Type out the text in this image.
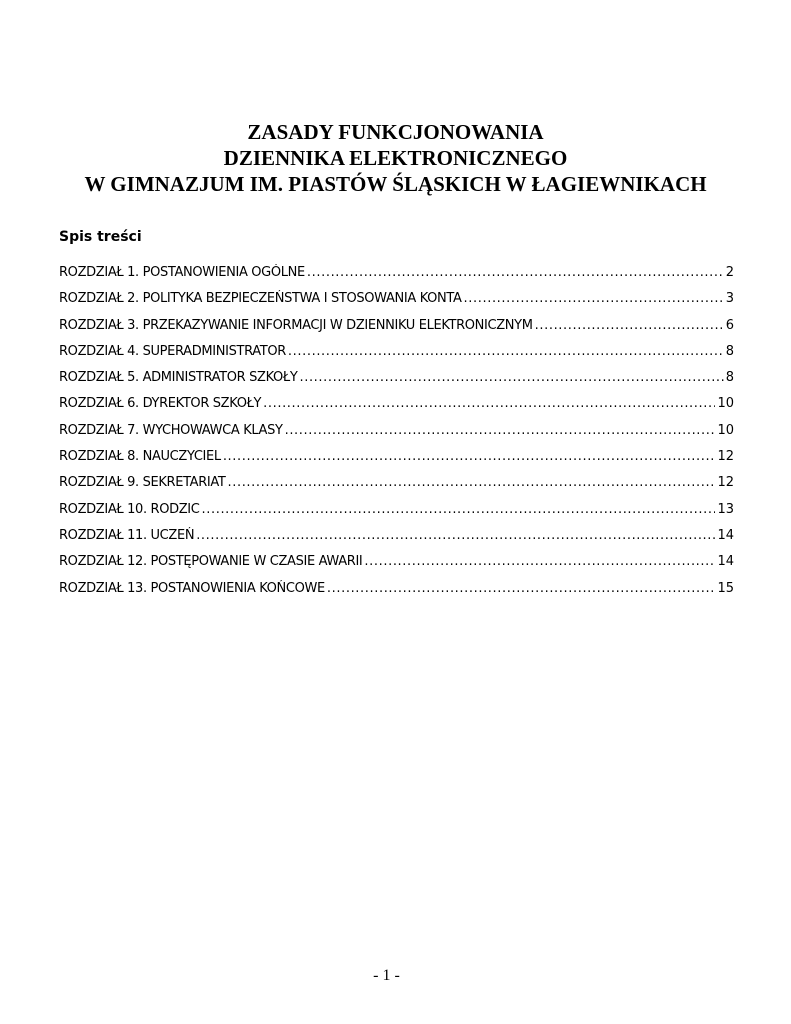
ZASADY FUNKCJONOWANIA
DZIENNIKA ELEKTRONICZNEGO
W GIMNAZJUM IM. PIASTÓW ŚLĄSKICH W ŁAGIEWNIKACH
Spis treści
ROZDZIAŁ 1. POSTANOWIENIA OGÓLNE .....	2
ROZDZIAŁ 2. POLITYKA BEZPIECZEŃSTWA I STOSOWANIA KONTA .....	3
ROZDZIAŁ 3. PRZEKAZYWANIE INFORMACJI W DZIENNIKU ELEKTRONICZNYM .....	6
ROZDZIAŁ 4. SUPERADMINISTRATOR .....	8
ROZDZIAŁ 5. ADMINISTRATOR SZKOŁY .....	8
ROZDZIAŁ 6. DYREKTOR SZKOŁY .....	10
ROZDZIAŁ 7. WYCHOWAWCA KLASY .....	10
ROZDZIAŁ 8. NAUCZYCIEL .....	12
ROZDZIAŁ 9. SEKRETARIAT .....	12
ROZDZIAŁ 10. RODZIC .....	13
ROZDZIAŁ 11. UCZEŃ .....	14
ROZDZIAŁ 12. POSTĘPOWANIE W CZASIE AWARII .....	14
ROZDZIAŁ 13. POSTANOWIENIA KOŃCOWE .....	15
- 1 -
